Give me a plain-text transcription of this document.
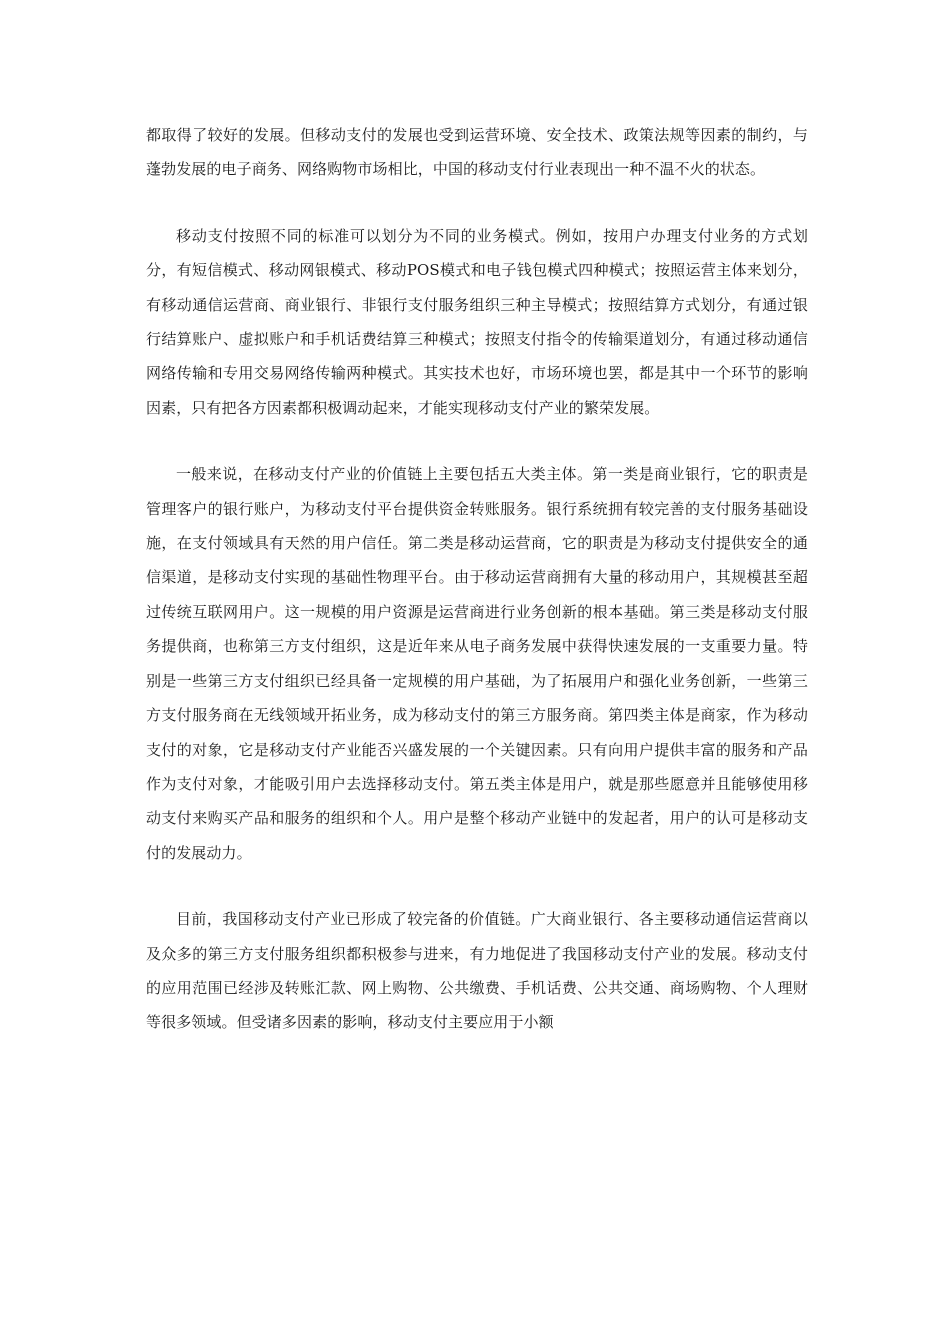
都取得了较好的发展。但移动支付的发展也受到运营环境、安全技术、政策法规等因素的制约，与蓬勃发展的电子商务、网络购物市场相比，中国的移动支付行业表现出一种不温不火的状态。

移动支付按照不同的标准可以划分为不同的业务模式。例如，按用户办理支付业务的方式划分，有短信模式、移动网银模式、移动POS模式和电子钱包模式四种模式；按照运营主体来划分，有移动通信运营商、商业银行、非银行支付服务组织三种主导模式；按照结算方式划分，有通过银行结算账户、虚拟账户和手机话费结算三种模式；按照支付指令的传输渠道划分，有通过移动通信网络传输和专用交易网络传输两种模式。其实技术也好，市场环境也罢，都是其中一个环节的影响因素，只有把各方因素都积极调动起来，才能实现移动支付产业的繁荣发展。

一般来说，在移动支付产业的价值链上主要包括五大类主体。第一类是商业银行，它的职责是管理客户的银行账户，为移动支付平台提供资金转账服务。银行系统拥有较完善的支付服务基础设施，在支付领域具有天然的用户信任。第二类是移动运营商，它的职责是为移动支付提供安全的通信渠道，是移动支付实现的基础性物理平台。由于移动运营商拥有大量的移动用户，其规模甚至超过传统互联网用户。这一规模的用户资源是运营商进行业务创新的根本基础。第三类是移动支付服务提供商，也称第三方支付组织，这是近年来从电子商务发展中获得快速发展的一支重要力量。特别是一些第三方支付组织已经具备一定规模的用户基础，为了拓展用户和强化业务创新，一些第三方支付服务商在无线领域开拓业务，成为移动支付的第三方服务商。第四类主体是商家，作为移动支付的对象，它是移动支付产业能否兴盛发展的一个关键因素。只有向用户提供丰富的服务和产品作为支付对象，才能吸引用户去选择移动支付。第五类主体是用户，就是那些愿意并且能够使用移动支付来购买产品和服务的组织和个人。用户是整个移动产业链中的发起者，用户的认可是移动支付的发展动力。

目前，我国移动支付产业已形成了较完备的价值链。广大商业银行、各主要移动通信运营商以及众多的第三方支付服务组织都积极参与进来，有力地促进了我国移动支付产业的发展。移动支付的应用范围已经涉及转账汇款、网上购物、公共缴费、手机话费、公共交通、商场购物、个人理财等很多领域。但受诸多因素的影响，移动支付主要应用于小额
